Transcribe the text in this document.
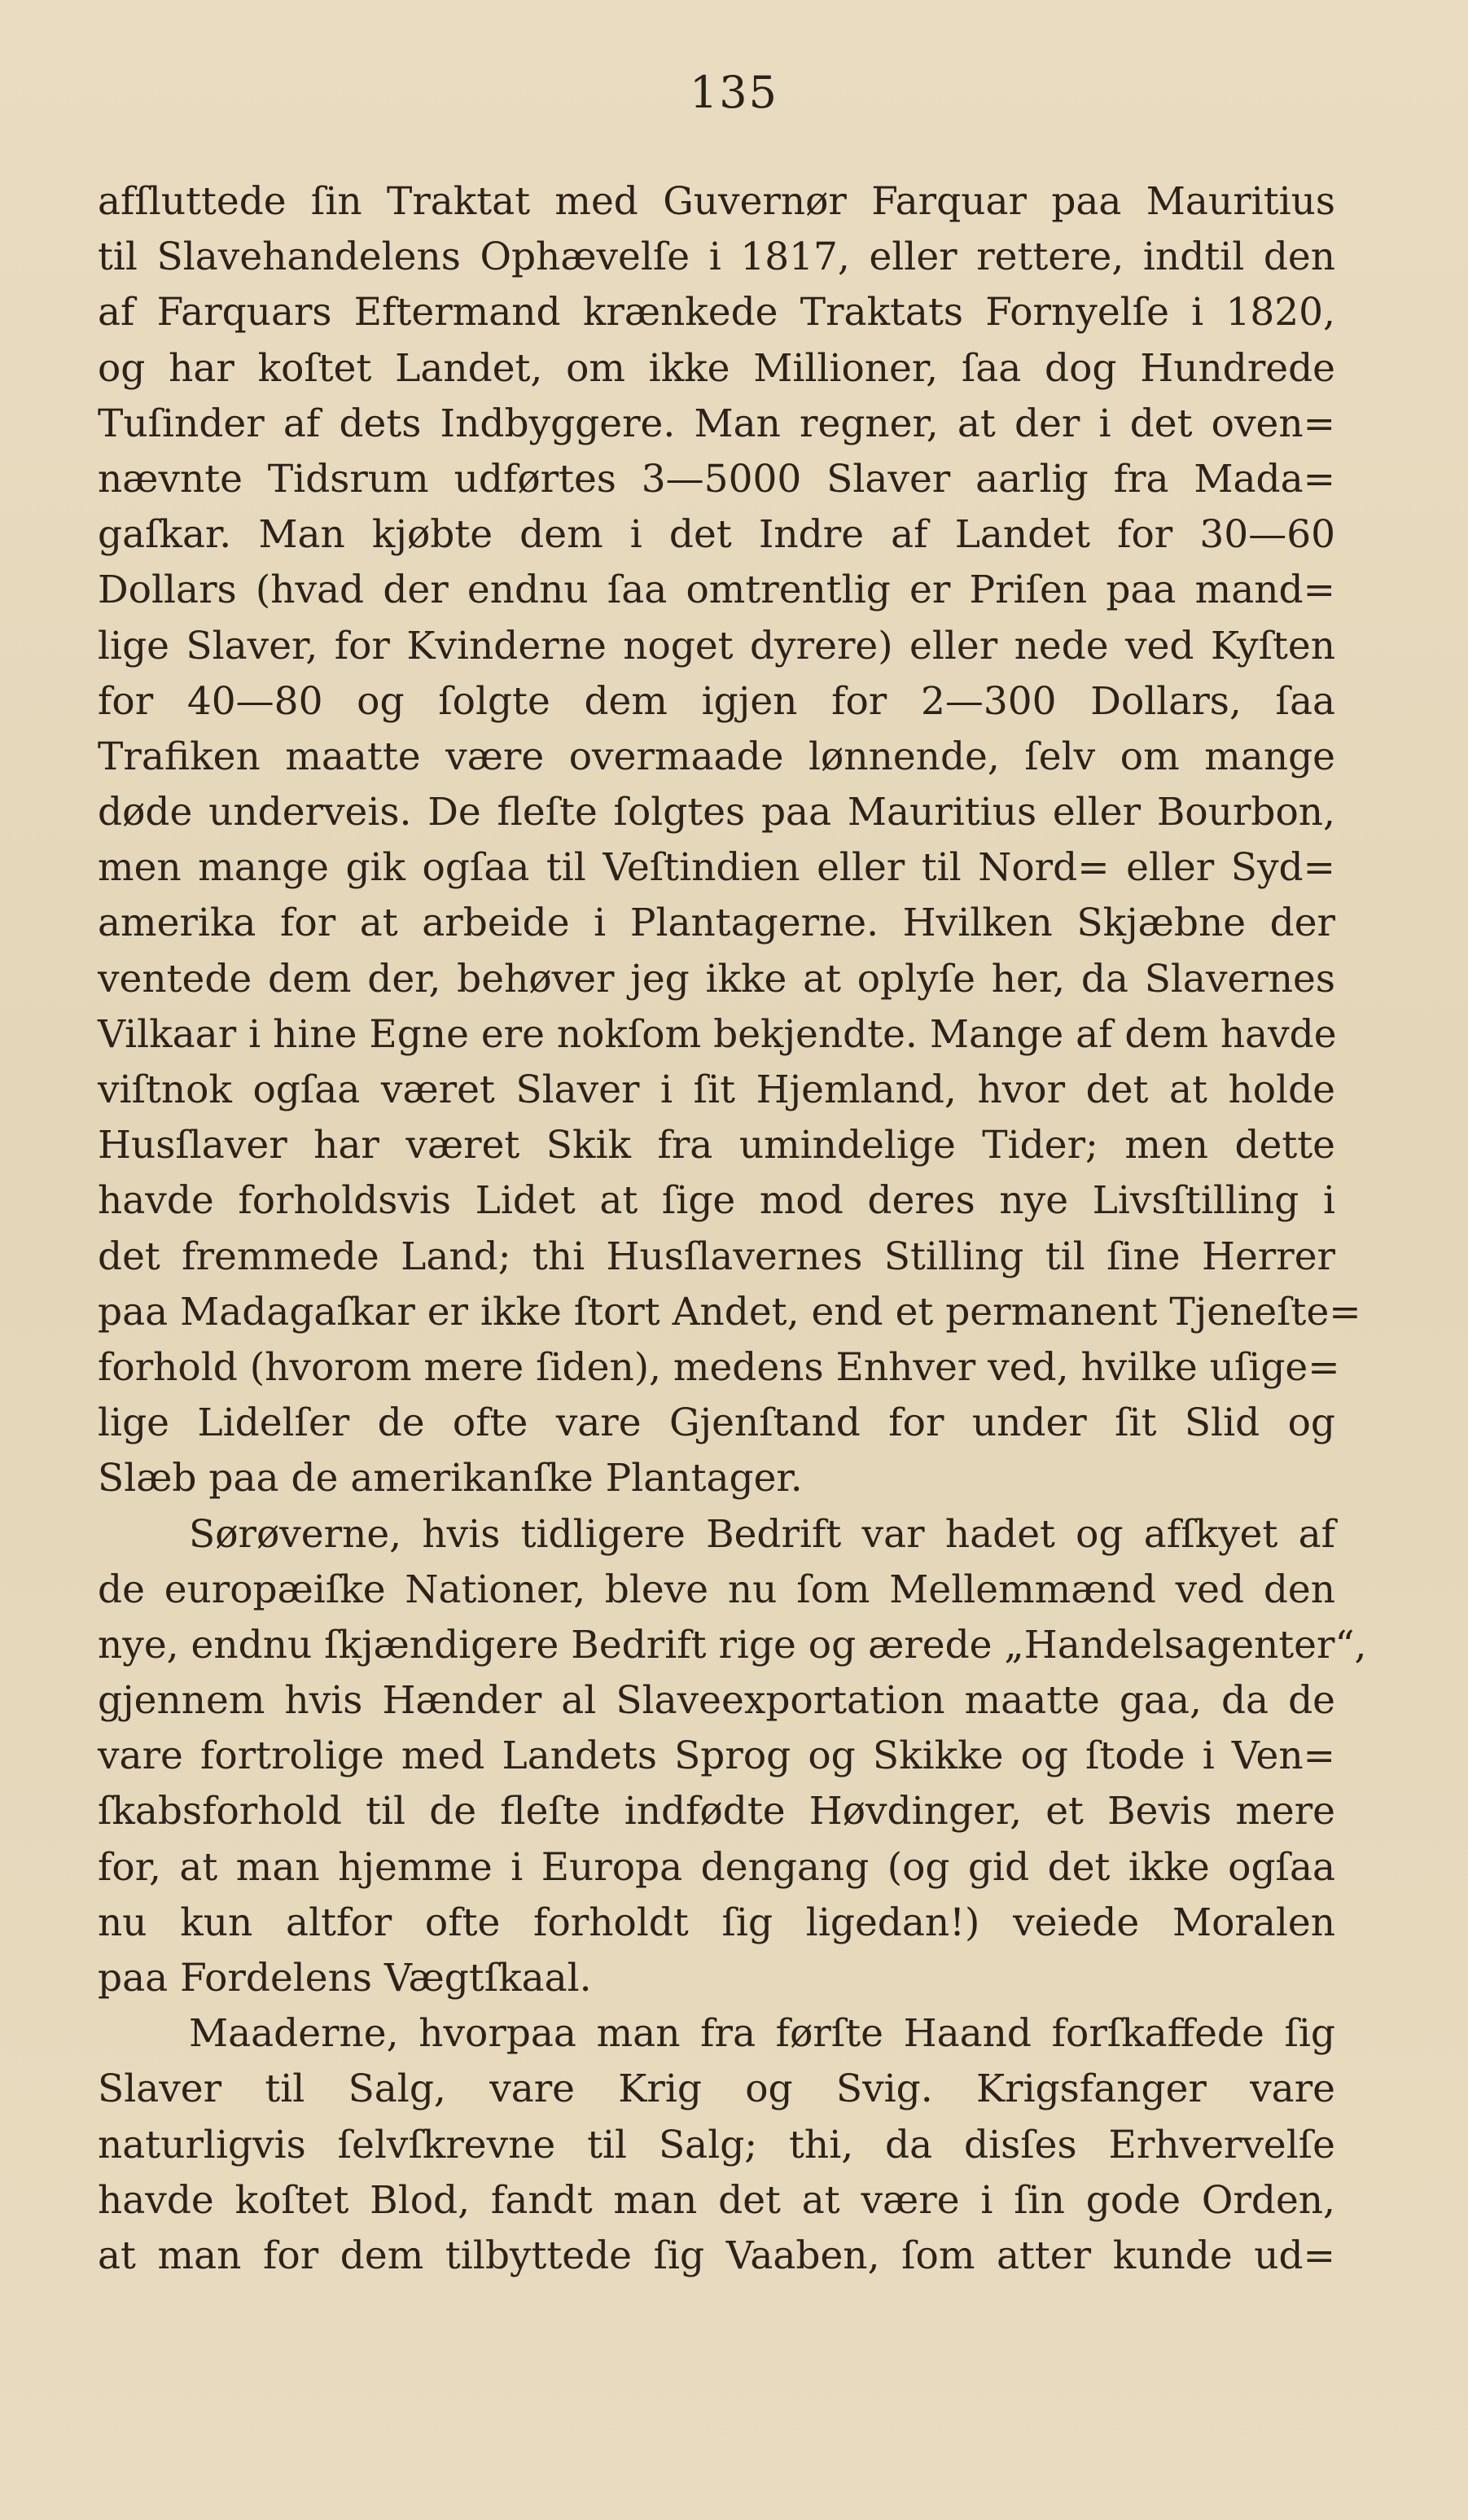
135
afſluttede ſin Traktat med Guvernør Farquar paa Mauritius
til Slavehandelens Ophævelſe i 1817, eller rettere, indtil den
af Farquars Eftermand krænkede Traktats Fornyelſe i 1820,
og har koſtet Landet, om ikke Millioner, ſaa dog Hundrede
Tuſinder af dets Indbyggere. Man regner, at der i det oven=
nævnte Tidsrum udførtes 3—5000 Slaver aarlig fra Mada=
gaſkar. Man kjøbte dem i det Indre af Landet for 30—60
Dollars (hvad der endnu ſaa omtrentlig er Priſen paa mand=
lige Slaver, for Kvinderne noget dyrere) eller nede ved Kyſten
for 40—80 og ſolgte dem igjen for 2—300 Dollars, ſaa
Trafiken maatte være overmaade lønnende, ſelv om mange
døde underveis. De fleſte ſolgtes paa Mauritius eller Bourbon,
men mange gik ogſaa til Veſtindien eller til Nord= eller Syd=
amerika for at arbeide i Plantagerne. Hvilken Skjæbne der
ventede dem der, behøver jeg ikke at oplyſe her, da Slavernes
Vilkaar i hine Egne ere nokſom bekjendte. Mange af dem havde
viſtnok ogſaa været Slaver i ſit Hjemland, hvor det at holde
Husſlaver har været Skik fra umindelige Tider; men dette
havde forholdsvis Lidet at ſige mod deres nye Livsſtilling i
det fremmede Land; thi Husſlavernes Stilling til ſine Herrer
paa Madagaſkar er ikke ſtort Andet, end et permanent Tjeneſte=
forhold (hvorom mere ſiden), medens Enhver ved, hvilke uſige=
lige Lidelſer de ofte vare Gjenſtand for under ſit Slid og
Slæb paa de amerikanſke Plantager.
Sørøverne, hvis tidligere Bedrift var hadet og afſkyet af
de europæiſke Nationer, bleve nu ſom Mellemmænd ved den
nye, endnu ſkjændigere Bedrift rige og ærede „Handelsagenter“,
gjennem hvis Hænder al Slaveexportation maatte gaa, da de
vare fortrolige med Landets Sprog og Skikke og ſtode i Ven=
ſkabsforhold til de fleſte indfødte Høvdinger, et Bevis mere
for, at man hjemme i Europa dengang (og gid det ikke ogſaa
nu kun altfor ofte forholdt ſig ligedan!) veiede Moralen
paa Fordelens Vægtſkaal.
Maaderne, hvorpaa man fra førſte Haand forſkaffede ſig
Slaver til Salg, vare Krig og Svig. Krigsfanger vare
naturligvis ſelvſkrevne til Salg; thi, da disſes Erhvervelſe
havde koſtet Blod, fandt man det at være i ſin gode Orden,
at man for dem tilbyttede ſig Vaaben, ſom atter kunde ud=
